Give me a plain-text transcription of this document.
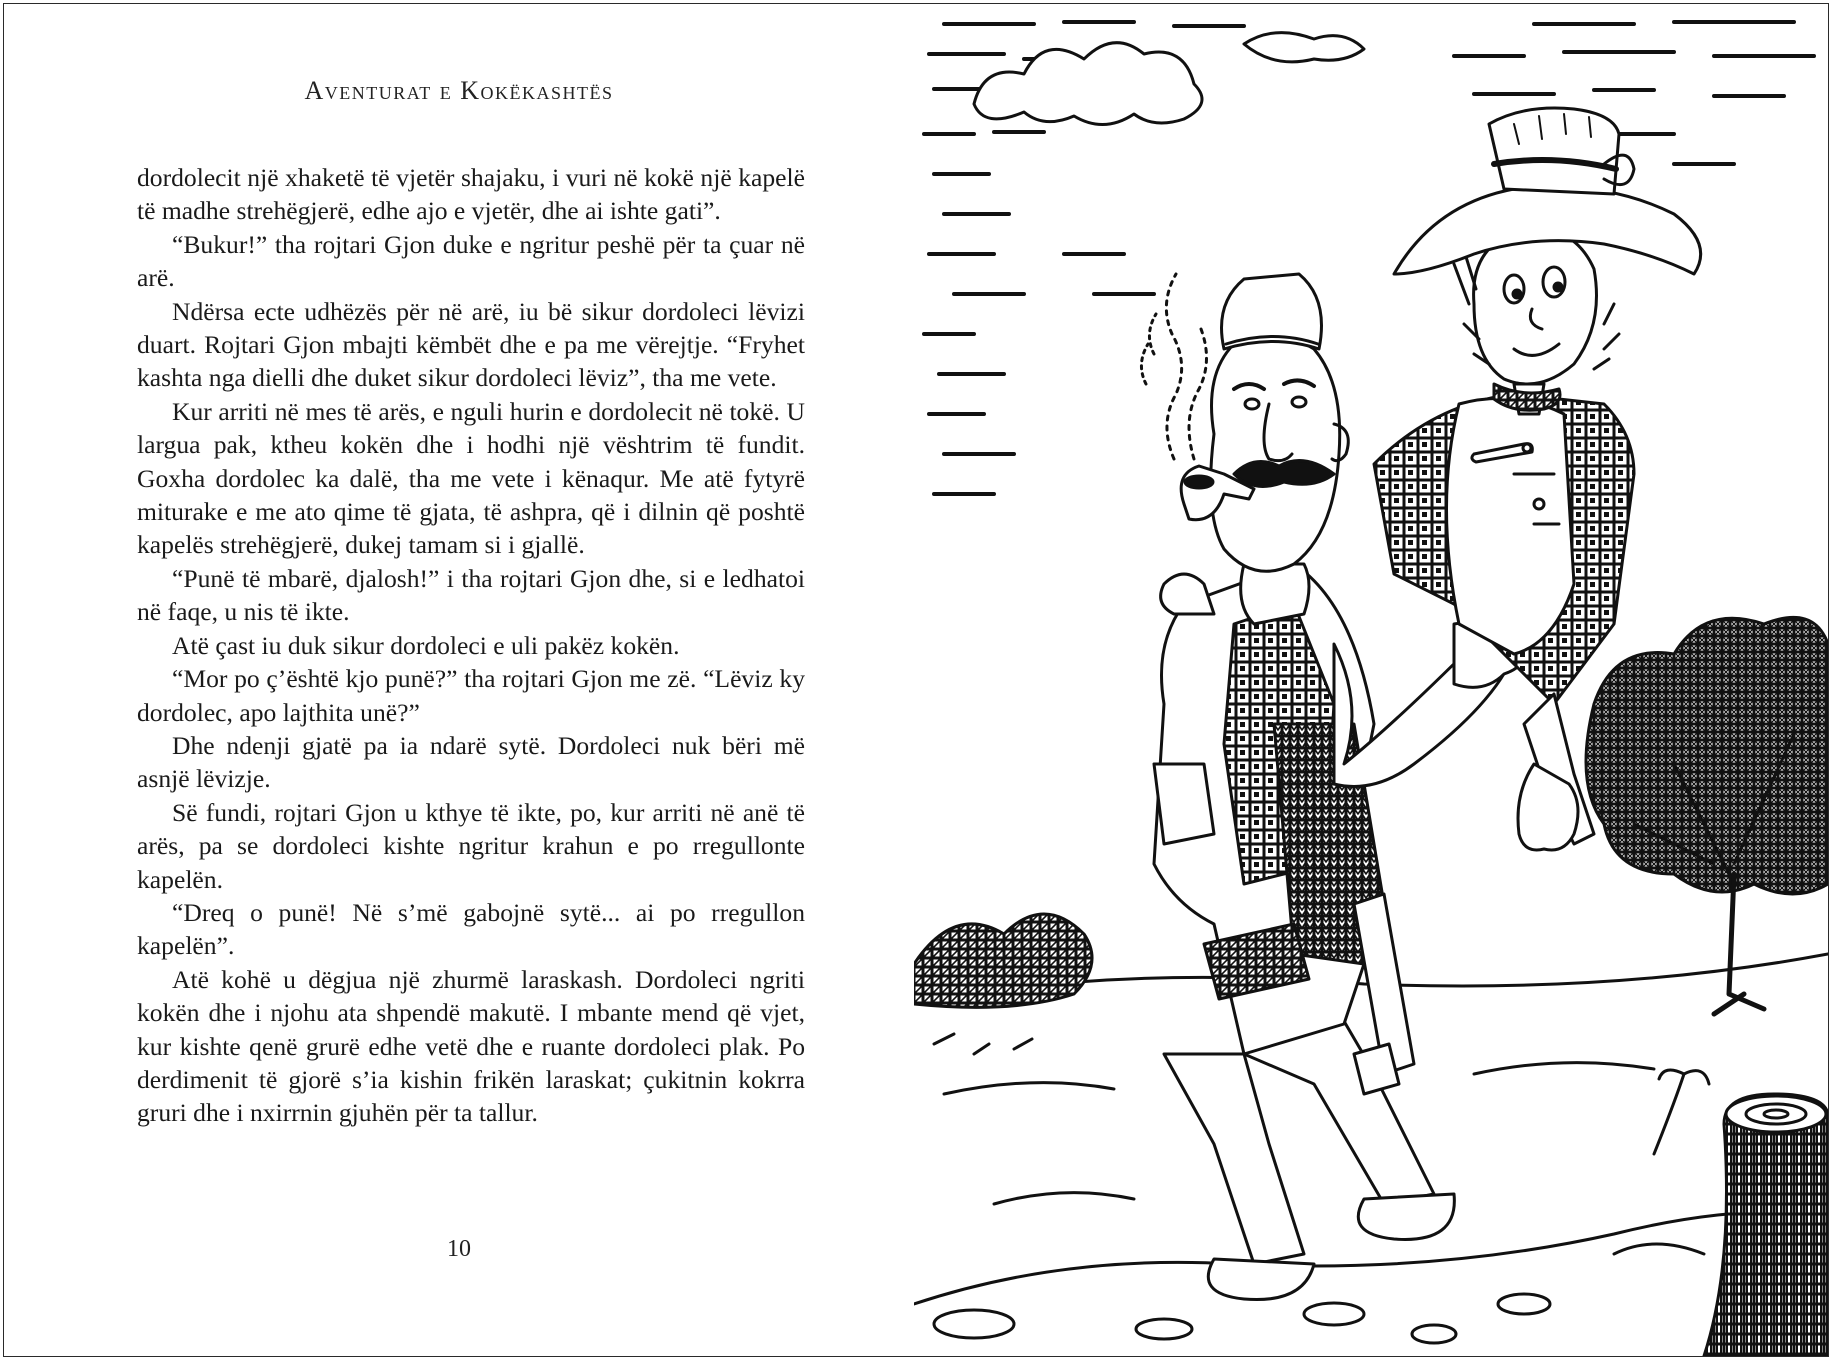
Aventurat e Kokëkashtës

dordolecit një xhaketë të vjetër shajaku, i vuri në kokë një kapelë të madhe strehëgjerë, edhe ajo e vjetër, dhe ai ishte gati”.

“Bukur!” tha rojtari Gjon duke e ngritur peshë për ta çuar në arë.

Ndërsa ecte udhëzës për në arë, iu bë sikur dordoleci lëvizi duart. Rojtari Gjon mbajti këmbët dhe e pa me vërejtje. “Fryhet kashta nga dielli dhe duket sikur dordoleci lëviz”, tha me vete.

Kur arriti në mes të arës, e nguli hurin e dordolecit në tokë. U largua pak, ktheu kokën dhe i hodhi një vështrim të fundit. Goxha dordolec ka dalë, tha me vete i kënaqur. Me atë fytyrë miturake e me ato qime të gjata, të ashpra, që i dilnin që poshtë kapelës strehëgjerë, dukej tamam si i gjallë.

“Punë të mbarë, djalosh!” i tha rojtari Gjon dhe, si e ledhatoi në faqe, u nis të ikte.

Atë çast iu duk sikur dordoleci e uli pakëz kokën.

“Mor po ç’është kjo punë?” tha rojtari Gjon me zë. “Lëviz ky dordolec, apo lajthita unë?”

Dhe ndenji gjatë pa ia ndarë sytë. Dordoleci nuk bëri më asnjë lëvizje.

Së fundi, rojtari Gjon u kthye të ikte, po, kur arriti në anë të arës, pa se dordoleci kishte ngritur krahun e po rregullonte kapelën.

“Dreq o punë! Në s’më gabojnë sytë... ai po rregullon kapelën”.

Atë kohë u dëgjua një zhurmë laraskash. Dordoleci ngriti kokën dhe i njohu ata shpendë makutë. I mbante mend që vjet, kur kishte qenë grurë edhe vetë dhe e ruante dordoleci plak. Po derdimenit të gjorë s’ia kishin frikën laraskat; çukitnin kokrra gruri dhe i nxirrnin gjuhën për ta tallur.

10
